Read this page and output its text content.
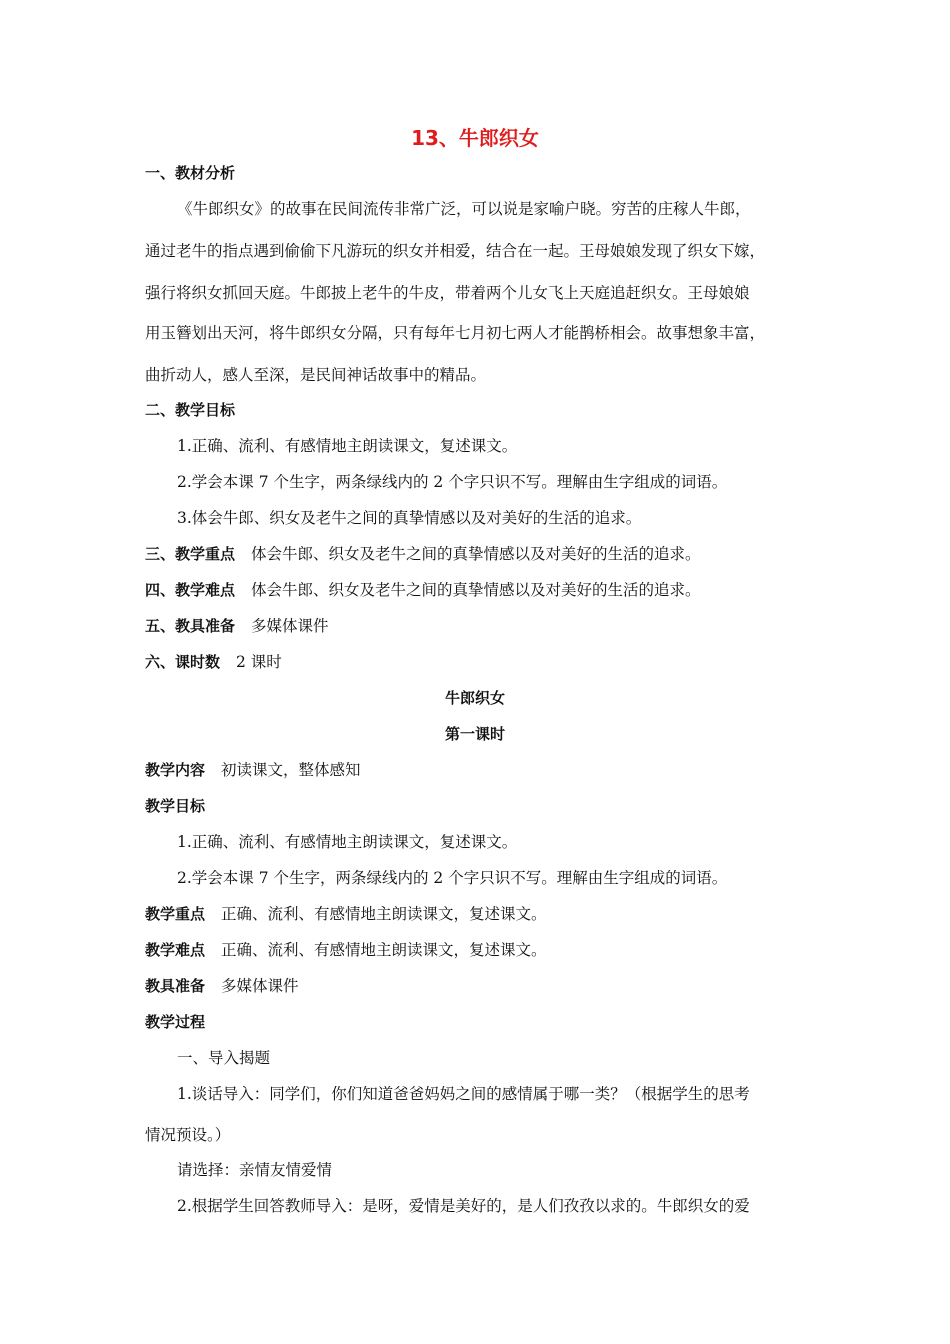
13、牛郎织女
一、教材分析
《牛郎织女》的故事在民间流传非常广泛，可以说是家喻户晓。穷苦的庄稼人牛郎，
通过老牛的指点遇到偷偷下凡游玩的织女并相爱，结合在一起。王母娘娘发现了织女下嫁，
强行将织女抓回天庭。牛郎披上老牛的牛皮，带着两个儿女飞上天庭追赶织女。王母娘娘
用玉簪划出天河，将牛郎织女分隔，只有每年七月初七两人才能鹊桥相会。故事想象丰富，
曲折动人，感人至深，是民间神话故事中的精品。
二、教学目标
1.正确、流利、有感情地主朗读课文，复述课文。
2.学会本课 7 个生字，两条绿线内的 2 个字只识不写。理解由生字组成的词语。
3.体会牛郎、织女及老牛之间的真挚情感以及对美好的生活的追求。
三、教学重点 体会牛郎、织女及老牛之间的真挚情感以及对美好的生活的追求。
四、教学难点 体会牛郎、织女及老牛之间的真挚情感以及对美好的生活的追求。
五、教具准备 多媒体课件
六、课时数 2 课时
牛郎织女
第一课时
教学内容 初读课文，整体感知
教学目标
1.正确、流利、有感情地主朗读课文，复述课文。
2.学会本课 7 个生字，两条绿线内的 2 个字只识不写。理解由生字组成的词语。
教学重点 正确、流利、有感情地主朗读课文，复述课文。
教学难点 正确、流利、有感情地主朗读课文，复述课文。
教具准备 多媒体课件
教学过程
一、导入揭题
1.谈话导入：同学们，你们知道爸爸妈妈之间的感情属于哪一类？（根据学生的思考
情况预设。）
请选择：亲情友情爱情
2.根据学生回答教师导入：是呀，爱情是美好的，是人们孜孜以求的。牛郎织女的爱
